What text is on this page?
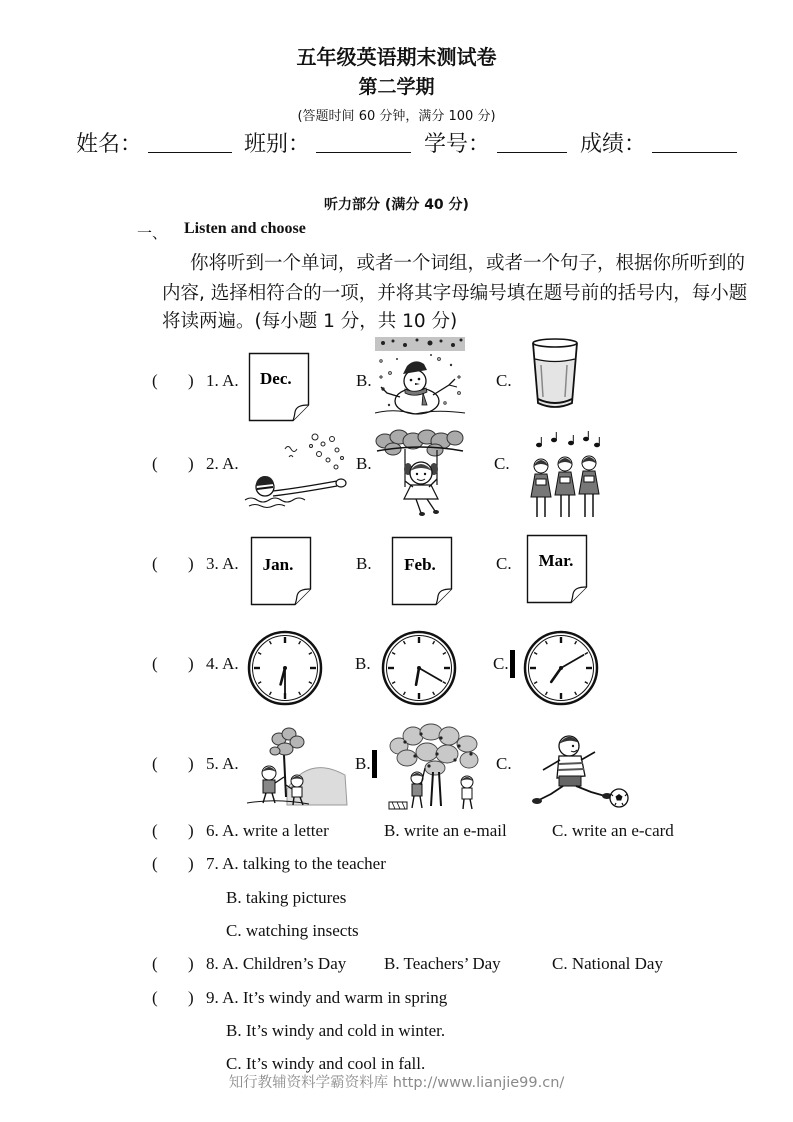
五年级英语期末测试卷
第二学期
(答题时间 60 分钟，满分 100 分)
姓名：	班别：	学号：	成绩：
听力部分 (满分 40 分)
一、 Listen and choose
你将听到一个单词，或者一个词组，或者一个句子，根据你所听到的
内容, 选择相符合的一项，并将其字母编号填在题号前的括号内，每小题
将读两遍。(每小题 1 分，共 10 分)
( ) 1. A. Dec.	B.	C.
( ) 2. A.	B.	C.
( ) 3. A. Jan.	B. Feb.	C. Mar.
( ) 4. A.	B.	C.
( ) 5. A.	B.	C.
( ) 6. A. write a letter	B. write an e-mail	C. write an e-card
( ) 7. A. talking to the teacher
B. taking pictures
C. watching insects
( ) 8. A. Children’s Day B. Teachers’ Day	C. National Day
( ) 9. A. It’s windy and warm in spring
B. It’s windy and cold in winter.
C. It’s windy and cool in fall.
知行教辅资料学霸资料库 http://www.lianjie99.cn/
